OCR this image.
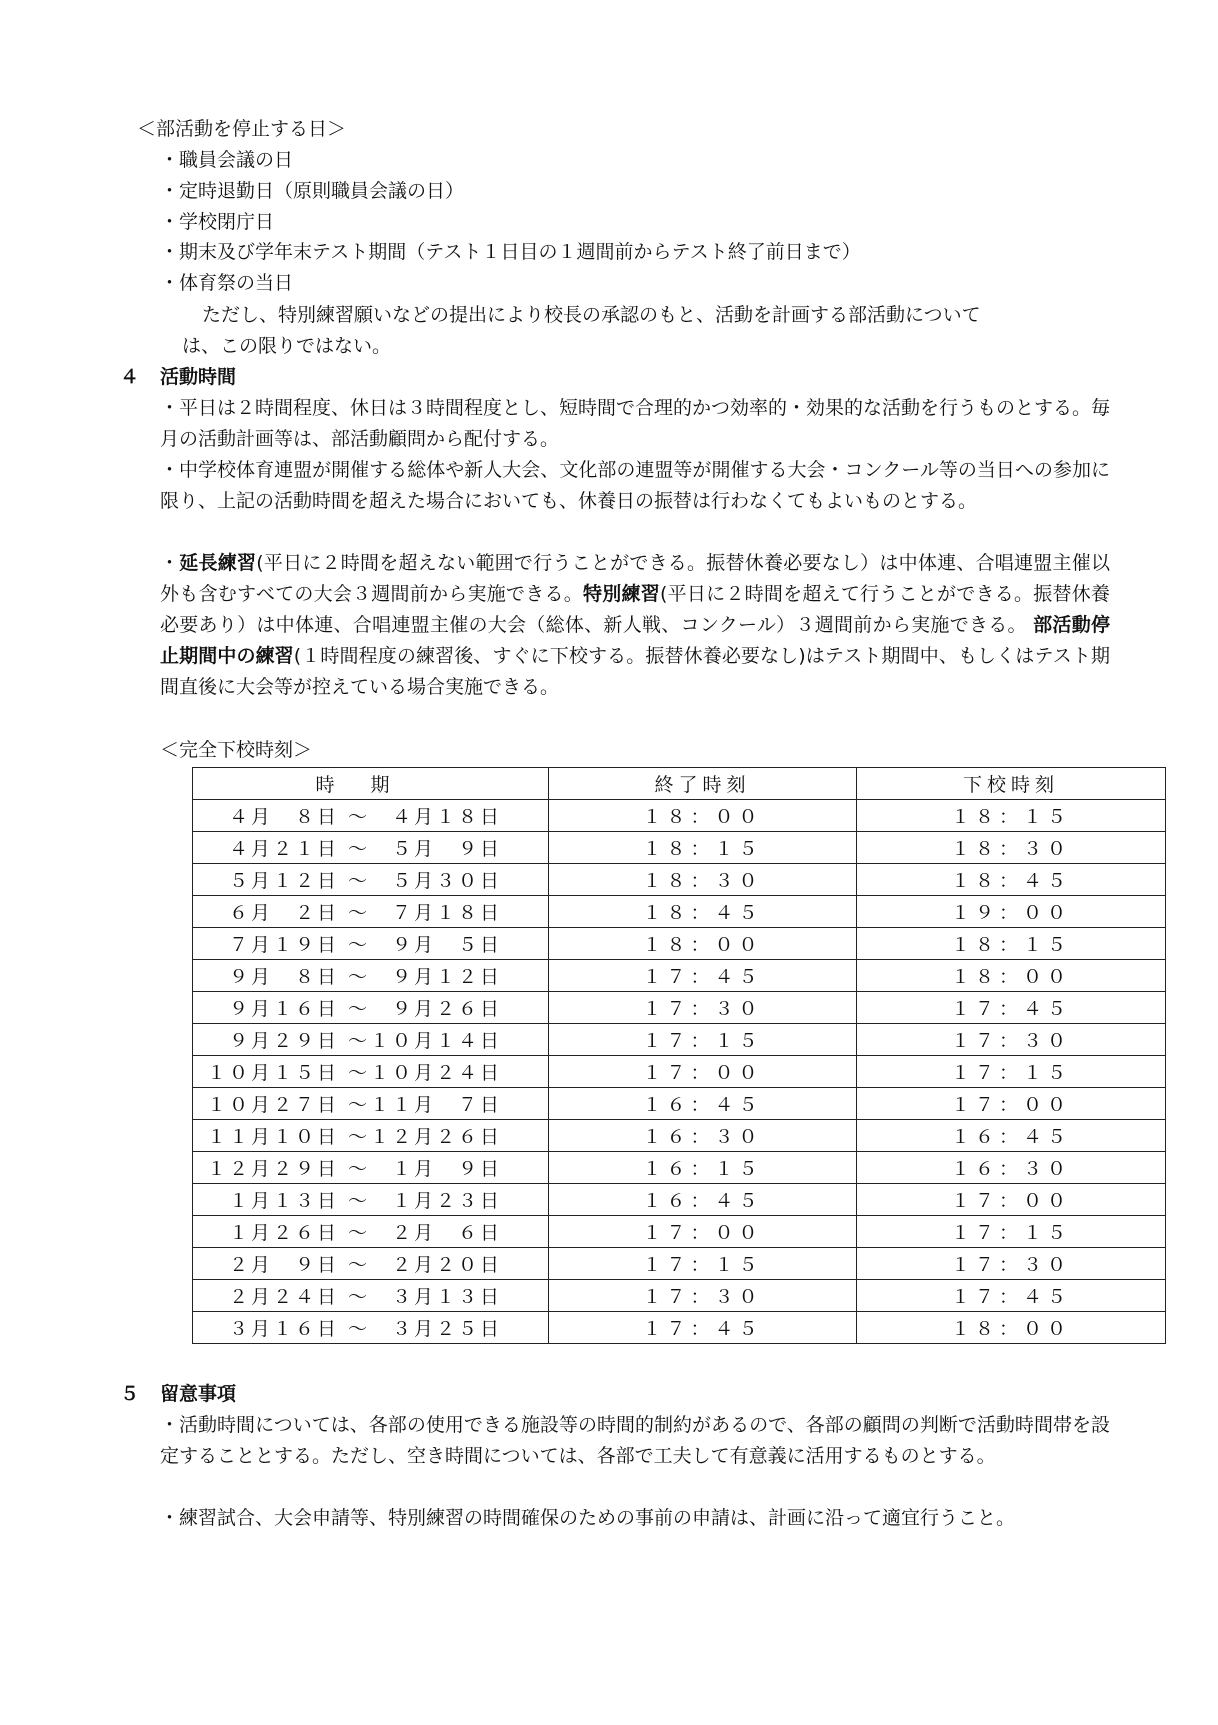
＜部活動を停止する日＞
・職員会議の日
・定時退勤日（原則職員会議の日）
・学校閉庁日
・期末及び学年末テスト期間（テスト１日目の１週間前からテスト終了前日まで）
・体育祭の当日
ただし、特別練習願いなどの提出により校長の承認のもと、活動を計画する部活動について
は、この限りではない。
４ 活動時間
・平日は２時間程度、休日は３時間程度とし、短時間で合理的かつ効率的・効果的な活動を行うものとする。毎月の活動計画等は、部活動顧問から配付する。
・中学校体育連盟が開催する総体や新人大会、文化部の連盟等が開催する大会・コンクール等の当日への参加に限り、上記の活動時間を超えた場合においても、休養日の振替は行わなくてもよいものとする。
・延長練習(平日に２時間を超えない範囲で行うことができる。振替休養必要なし）は中体連、合唱連盟主催以外も含むすべての大会３週間前から実施できる。特別練習(平日に２時間を超えて行うことができる。振替休養必要あり）は中体連、合唱連盟主催の大会（総体、新人戦、コンクール）３週間前から実施できる。 部活動停止期間中の練習(１時間程度の練習後、すぐに下校する。振替休養必要なし)はテスト期間中、もしくはテスト期間直後に大会等が控えている場合実施できる。
＜完全下校時刻＞
時期	終了時刻	下校時刻
４月　８日 ～　４月１８日	１８：００	１８：１５
４月２１日 ～　５月　９日	１８：１５	１８：３０
５月１２日 ～　５月３０日	１８：３０	１８：４５
６月　２日 ～　７月１８日	１８：４５	１９：００
７月１９日 ～　９月　５日	１８：００	１８：１５
９月　８日 ～　９月１２日	１７：４５	１８：００
９月１６日 ～　９月２６日	１７：３０	１７：４５
９月２９日 ～１０月１４日	１７：１５	１７：３０
１０月１５日 ～１０月２４日	１７：００	１７：１５
１０月２７日 ～１１月　７日	１６：４５	１７：００
１１月１０日 ～１２月２６日	１６：３０	１６：４５
１２月２９日 ～　１月　９日	１６：１５	１６：３０
１月１３日 ～　１月２３日	１６：４５	１７：００
１月２６日 ～　２月　６日	１７：００	１７：１５
２月　９日 ～　２月２０日	１７：１５	１７：３０
２月２４日 ～　３月１３日	１７：３０	１７：４５
３月１６日 ～　３月２５日	１７：４５	１８：００
５ 留意事項
・活動時間については、各部の使用できる施設等の時間的制約があるので、各部の顧問の判断で活動時間帯を設定することとする。ただし、空き時間については、各部で工夫して有意義に活用するものとする。
・練習試合、大会申請等、特別練習の時間確保のための事前の申請は、計画に沿って適宜行うこと。
